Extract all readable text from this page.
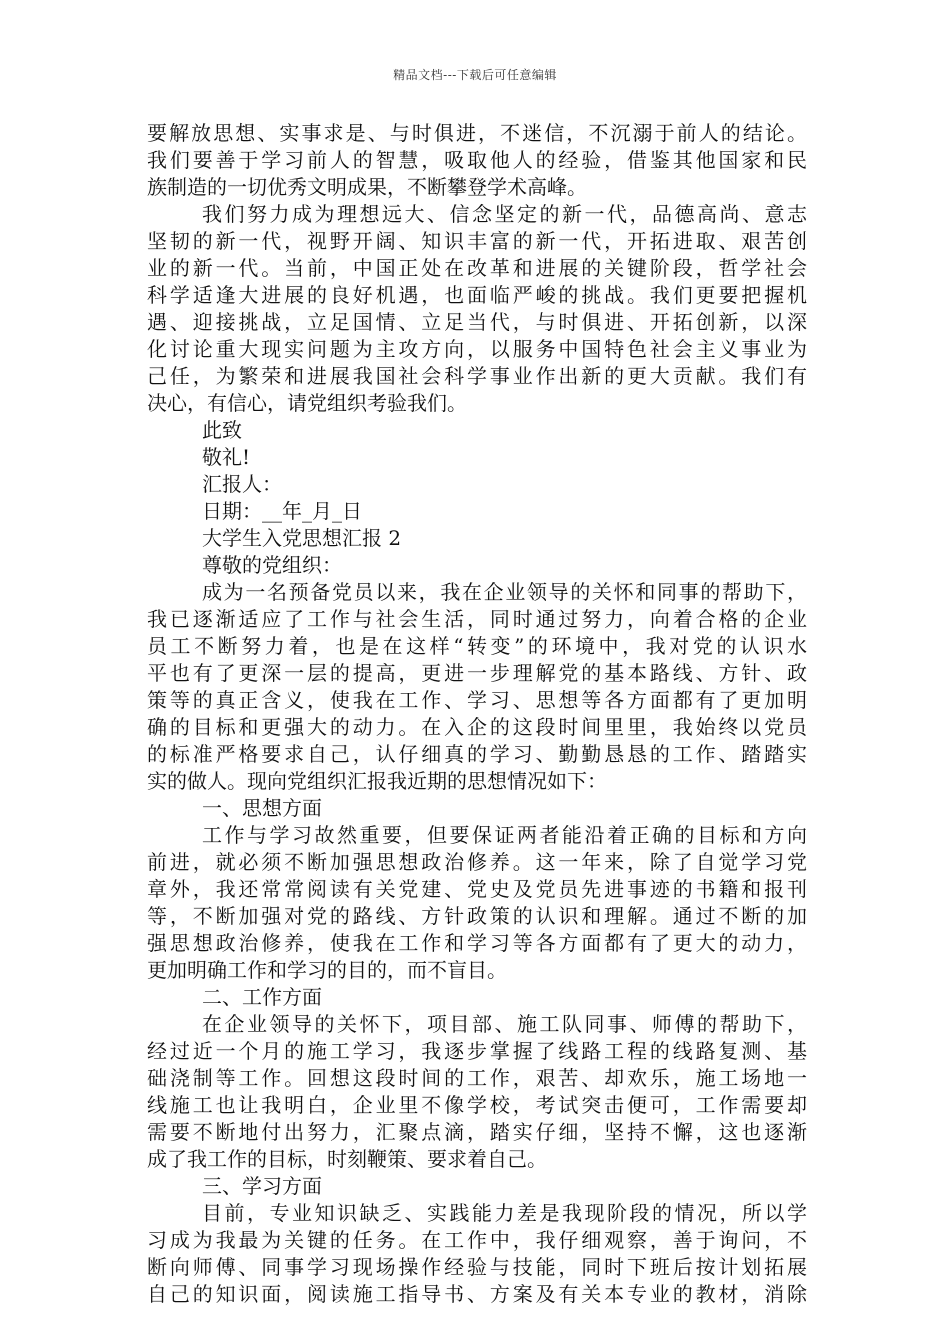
精品文档---下载后可任意编辑
要解放思想、实事求是、与时俱进，不迷信，不沉溺于前人的结论。
我们要善于学习前人的智慧，吸取他人的经验，借鉴其他国家和民
族制造的一切优秀文明成果，不断攀登学术高峰。
我们努力成为理想远大、信念坚定的新一代，品德高尚、意志
坚韧的新一代，视野开阔、知识丰富的新一代，开拓进取、艰苦创
业的新一代。当前，中国正处在改革和进展的关键阶段，哲学社会
科学适逢大进展的良好机遇，也面临严峻的挑战。我们更要把握机
遇、迎接挑战，立足国情、立足当代，与时俱进、开拓创新，以深
化讨论重大现实问题为主攻方向，以服务中国特色社会主义事业为
己任，为繁荣和进展我国社会科学事业作出新的更大贡献。我们有
决心，有信心，请党组织考验我们。
此致
敬礼!
汇报人：
日期：__年_月_日
大学生入党思想汇报 2
尊敬的党组织：
成为一名预备党员以来，我在企业领导的关怀和同事的帮助下，
我已逐渐适应了工作与社会生活，同时通过努力，向着合格的企业
员工不断努力着，也是在这样“转变”的环境中，我对党的认识水
平也有了更深一层的提高，更进一步理解党的基本路线、方针、政
策等的真正含义，使我在工作、学习、思想等各方面都有了更加明
确的目标和更强大的动力。在入企的这段时间里里，我始终以党员
的标准严格要求自己，认仔细真的学习、勤勤恳恳的工作、踏踏实
实的做人。现向党组织汇报我近期的思想情况如下：
一、思想方面
工作与学习故然重要，但要保证两者能沿着正确的目标和方向
前进，就必须不断加强思想政治修养。这一年来，除了自觉学习党
章外，我还常常阅读有关党建、党史及党员先进事迹的书籍和报刊
等，不断加强对党的路线、方针政策的认识和理解。通过不断的加
强思想政治修养，使我在工作和学习等各方面都有了更大的动力，
更加明确工作和学习的目的，而不盲目。
二、工作方面
在企业领导的关怀下，项目部、施工队同事、师傅的帮助下，
经过近一个月的施工学习，我逐步掌握了线路工程的线路复测、基
础浇制等工作。回想这段时间的工作，艰苦、却欢乐，施工场地一
线施工也让我明白，企业里不像学校，考试突击便可，工作需要却
需要不断地付出努力，汇聚点滴，踏实仔细，坚持不懈，这也逐渐
成了我工作的目标，时刻鞭策、要求着自己。
三、学习方面
目前，专业知识缺乏、实践能力差是我现阶段的情况，所以学
习成为我最为关键的任务。在工作中，我仔细观察，善于询问，不
断向师傅、同事学习现场操作经验与技能，同时下班后按计划拓展
自己的知识面，阅读施工指导书、方案及有关本专业的教材，消除
